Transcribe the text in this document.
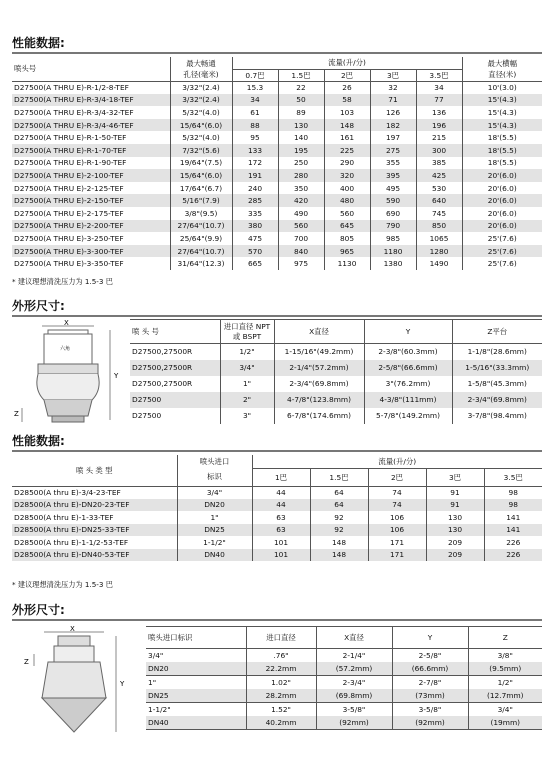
性能数据:
喷头号	最大畅通	流量(升/分)					最大横幅
	孔径(毫米)	0.7巴	1.5巴	2巴	3巴	3.5巴	直径(米)
D27500(A THRU E)-R-1/2-8-TEF	3/32"(2.4)	15.3	22	26	32	34	10'(3.0)
D27500(A THRU E)-R-3/4-18-TEF	3/32"(2.4)	34	50	58	71	77	15'(4.3)
D27500(A THRU E)-R-3/4-32-TEF	5/32"(4.0)	61	89	103	126	136	15'(4.3)
D27500(A THRU E)-R-3/4-46-TEF	15/64"(6.0)	88	130	148	182	196	15'(4.3)
D27500(A THRU E)-R-1-50-TEF	5/32"(4.0)	95	140	161	197	215	18'(5.5)
D27500(A THRU E)-R-1-70-TEF	7/32"(5.6)	133	195	225	275	300	18'(5.5)
D27500(A THRU E)-R-1-90-TEF	19/64"(7.5)	172	250	290	355	385	18'(5.5)
D27500(A THRU E)-2-100-TEF	15/64"(6.0)	191	280	320	395	425	20'(6.0)
D27500(A THRU E)-2-125-TEF	17/64"(6.7)	240	350	400	495	530	20'(6.0)
D27500(A THRU E)-2-150-TEF	5/16"(7.9)	285	420	480	590	640	20'(6.0)
D27500(A THRU E)-2-175-TEF	3/8"(9.5)	335	490	560	690	745	20'(6.0)
D27500(A THRU E)-2-200-TEF	27/64"(10.7)	380	560	645	790	850	20'(6.0)
D27500(A THRU E)-3-250-TEF	25/64"(9.9)	475	700	805	985	1065	25'(7.6)
D27500(A THRU E)-3-300-TEF	27/64"(10.7)	570	840	965	1180	1280	25'(7.6)
D27500(A THRU E)-3-350-TEF	31/64"(12.3)	665	975	1130	1380	1490	25'(7.6)
* 建议理想清洗压力为 1.5-3 巴
外形尺寸:
X
六角
Y
Z
喷 头 号	进口直径 NPT或 BSPT	X直径	Y	Z平台
D27500,27500R	1/2"	1-15/16"(49.2mm)	2-3/8"(60.3mm)	1-1/8"(28.6mm)
D27500,27500R	3/4"	2-1/4"(57.2mm)	2-5/8"(66.6mm)	1-5/16"(33.3mm)
D27500,27500R	1"	2-3/4"(69.8mm)	3"(76.2mm)	1-5/8"(45.3mm)
D27500	2"	4-7/8"(123.8mm)	4-3/8"(111mm)	2-3/4"(69.8mm)
D27500	3"	6-7/8"(174.6mm)	5-7/8"(149.2mm)	3-7/8"(98.4mm)
性能数据:
喷 头 类 型	喷头进口	流量(升/分)				
	标识	1巴	1.5巴	2巴	3巴	3.5巴
D28500(A thru E)-3/4-23-TEF	3/4"	44	64	74	91	98
D28500(A thru E)-DN20-23-TEF	DN20	44	64	74	91	98
D28500(A thru E)-1-33-TEF	1"	63	92	106	130	141
D28500(A thru E)-DN25-33-TEF	DN25	63	92	106	130	141
D28500(A thru E)-1-1/2-53-TEF	1-1/2"	101	148	171	209	226
D28500(A thru E)-DN40-53-TEF	DN40	101	148	171	209	226
* 建议理想清洗压力为 1.5-3 巴
外形尺寸:
X
Y
Z
喷头进口标识	进口直径	X直径	Y	Z
3/4"	.76"	2-1/4"	2-5/8"	3/8"
DN20	22.2mm	(57.2mm)	(66.6mm)	(9.5mm)
1"	1.02"	2-3/4"	2-7/8"	1/2"
DN25	28.2mm	(69.8mm)	(73mm)	(12.7mm)
1-1/2"	1.52"	3-5/8"	3-5/8"	3/4"
DN40	40.2mm	(92mm)	(92mm)	(19mm)
